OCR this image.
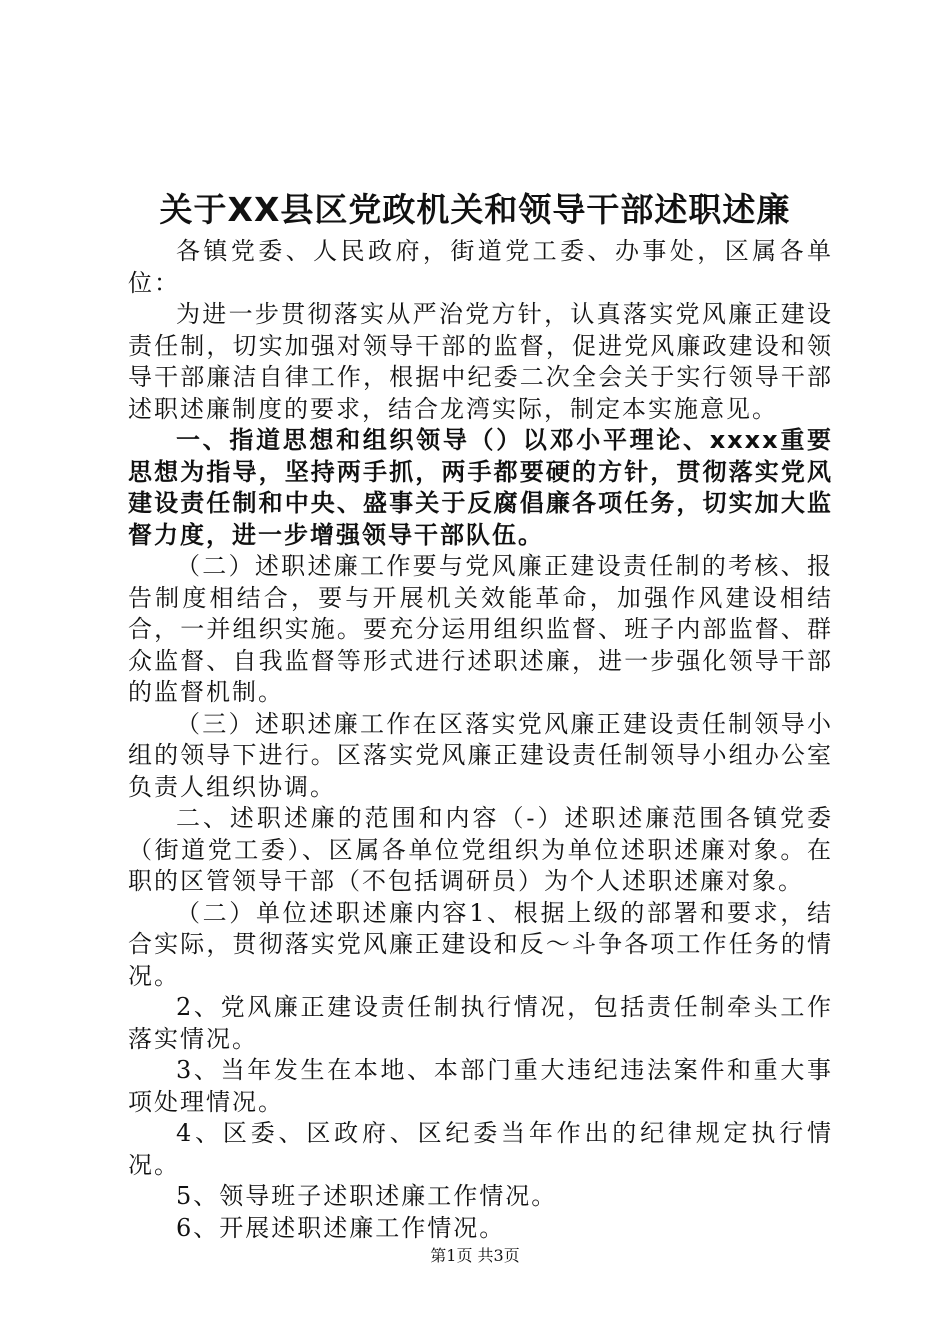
关于XX县区党政机关和领导干部述职述廉

各镇党委、人民政府，街道党工委、办事处，区属各单位：

为进一步贯彻落实从严治党方针，认真落实党风廉正建设责任制，切实加强对领导干部的监督，促进党风廉政建设和领导干部廉洁自律工作，根据中纪委二次全会关于实行领导干部述职述廉制度的要求，结合龙湾实际，制定本实施意见。

一、指道思想和组织领导（）以邓小平理论、xxxx重要思想为指导，坚持两手抓，两手都要硬的方针，贯彻落实党风建设责任制和中央、盛事关于反腐倡廉各项任务，切实加大监督力度，进一步增强领导干部队伍。

（二）述职述廉工作要与党风廉正建设责任制的考核、报告制度相结合，要与开展机关效能革命，加强作风建设相结合，一并组织实施。要充分运用组织监督、班子内部监督、群众监督、自我监督等形式进行述职述廉，进一步强化领导干部的监督机制。

（三）述职述廉工作在区落实党风廉正建设责任制领导小组的领导下进行。区落实党风廉正建设责任制领导小组办公室负责人组织协调。

二、述职述廉的范围和内容（-）述职述廉范围各镇党委（街道党工委）、区属各单位党组织为单位述职述廉对象。在职的区管领导干部（不包括调研员）为个人述职述廉对象。

（二）单位述职述廉内容1、根据上级的部署和要求，结合实际，贯彻落实党风廉正建设和反～斗争各项工作任务的情况。

2、党风廉正建设责任制执行情况，包括责任制牵头工作落实情况。

3、当年发生在本地、本部门重大违纪违法案件和重大事项处理情况。

4、区委、区政府、区纪委当年作出的纪律规定执行情况。

5、领导班子述职述廉工作情况。

6、开展述职述廉工作情况。

第1页 共3页
